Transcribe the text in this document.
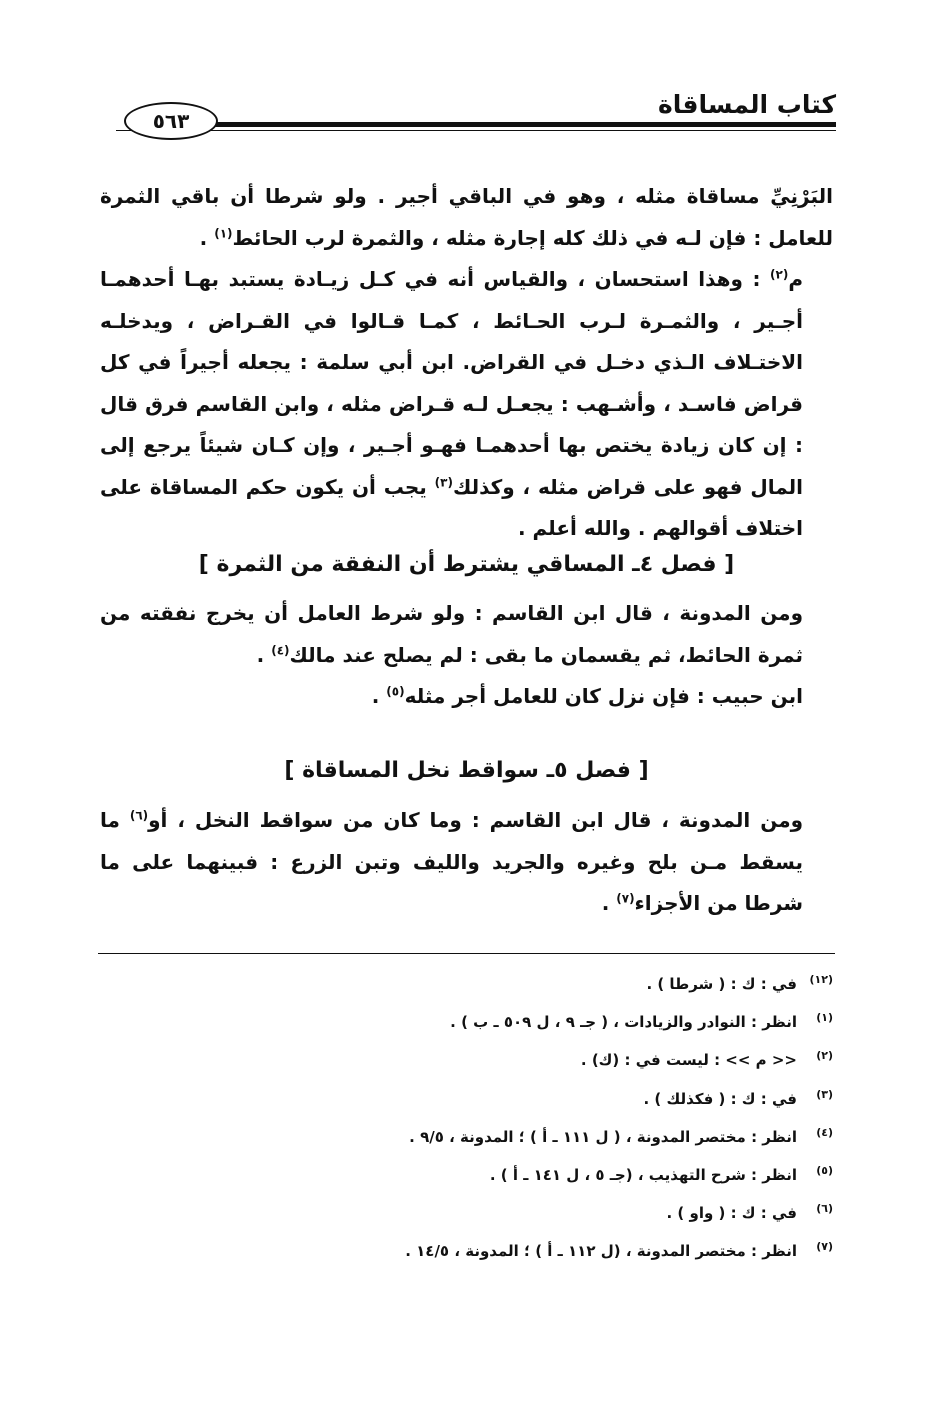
كتاب المساقاة
٥٦٣

البَرْنِيِّ مساقاة مثله ، وهو في الباقي أجير . ولو شرطا أن باقي الثمرة للعامل : فإن لـه في ذلك كله إجارة مثله ، والثمرة لرب الحائط$^{(١)}$ .

م$^{(٢)}$ : وهذا استحسان ، والقياس أنه في كـل زيـادة يستبد بهـا أحدهمـا أجـير ، والثمـرة لـرب الحـائط ، كمـا قـالوا في القـراض ، ويدخلـه الاختـلاف الـذي دخـل في القراض. ابن أبي سلمة : يجعله أجيراً في كل قراض فاسـد ، وأشـهب : يجعـل لـه قـراض مثله ، وابن القاسم فرق قال : إن كان زيادة يختص بها أحدهمـا فهـو أجـير ، وإن كـان شيئاً يرجع إلى المال فهو على قراض مثله ، وكذلك$^{(٣)}$ يجب أن يكون حكم المساقاة على اختلاف أقوالهم . والله أعلم .

[ فصل ٤ـ المساقي يشترط أن النفقة من الثمرة ]

ومن المدونة ، قال ابن القاسم : ولو شرط العامل أن يخرج نفقته من ثمرة الحائط، ثم يقسمان ما بقى : لم يصلح عند مالك$^{(٤)}$ .

ابن حبيب : فإن نزل كان للعامل أجر مثله$^{(٥)}$ .

[ فصل ٥ـ سواقط نخل المساقاة ]

ومن المدونة ، قال ابن القاسم : وما كان من سواقط النخل ، أو$^{(٦)}$ ما يسقط مـن بلح وغيره والجريد والليف وتبن الزرع : فبينهما على ما شرطا من الأجزاء$^{(٧)}$ .

(١٢)في : ك : ( شرطا ) .
(١)انظر : النوادر والزيادات ، ( جـ ٩ ، ل ٥٠٩ ـ ب ) .
(٢)<< م >> : ليست في : (ك) .
(٣)في : ك : ( فكذلك ) .
(٤)انظر : مختصر المدونة ، ( ل ١١١ ـ أ ) ؛ المدونة ، ٩/٥ .
(٥)انظر : شرح التهذيب ، (جـ ٥ ، ل ١٤١ ـ أ ) .
(٦)في : ك : ( واو ) .
(٧)انظر : مختصر المدونة ، (ل ١١٢ ـ أ ) ؛ المدونة ، ١٤/٥ .
